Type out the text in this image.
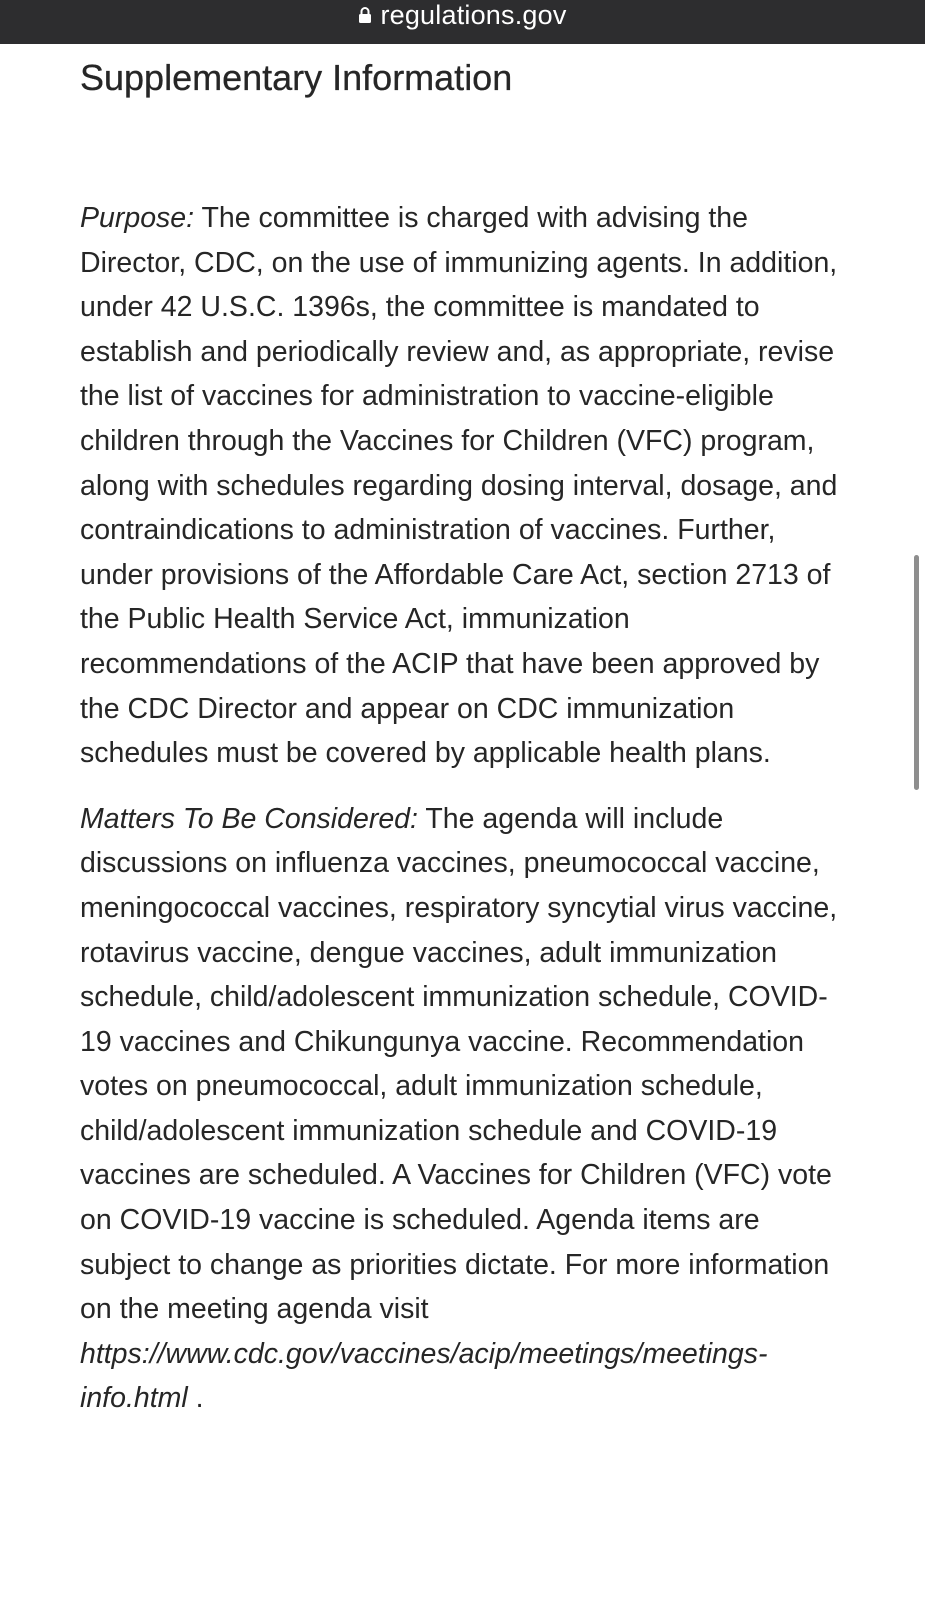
regulations.gov
Supplementary Information

Purpose: The committee is charged with advising the Director, CDC, on the use of immunizing agents. In addition, under 42 U.S.C. 1396s, the committee is mandated to establish and periodically review and, as appropriate, revise the list of vaccines for administration to vaccine-eligible children through the Vaccines for Children (VFC) program, along with schedules regarding dosing interval, dosage, and contraindications to administration of vaccines. Further, under provisions of the Affordable Care Act, section 2713 of the Public Health Service Act, immunization recommendations of the ACIP that have been approved by the CDC Director and appear on CDC immunization schedules must be covered by applicable health plans.

Matters To Be Considered: The agenda will include discussions on influenza vaccines, pneumococcal vaccine, meningococcal vaccines, respiratory syncytial virus vaccine, rotavirus vaccine, dengue vaccines, adult immunization schedule, child/adolescent immunization schedule, COVID-19 vaccines and Chikungunya vaccine. Recommendation votes on pneumococcal, adult immunization schedule, child/adolescent immunization schedule and COVID-19 vaccines are scheduled. A Vaccines for Children (VFC) vote on COVID-19 vaccine is scheduled. Agenda items are subject to change as priorities dictate. For more information on the meeting agenda visit https://www.cdc.gov/vaccines/acip/meetings/meetings-info.html .
